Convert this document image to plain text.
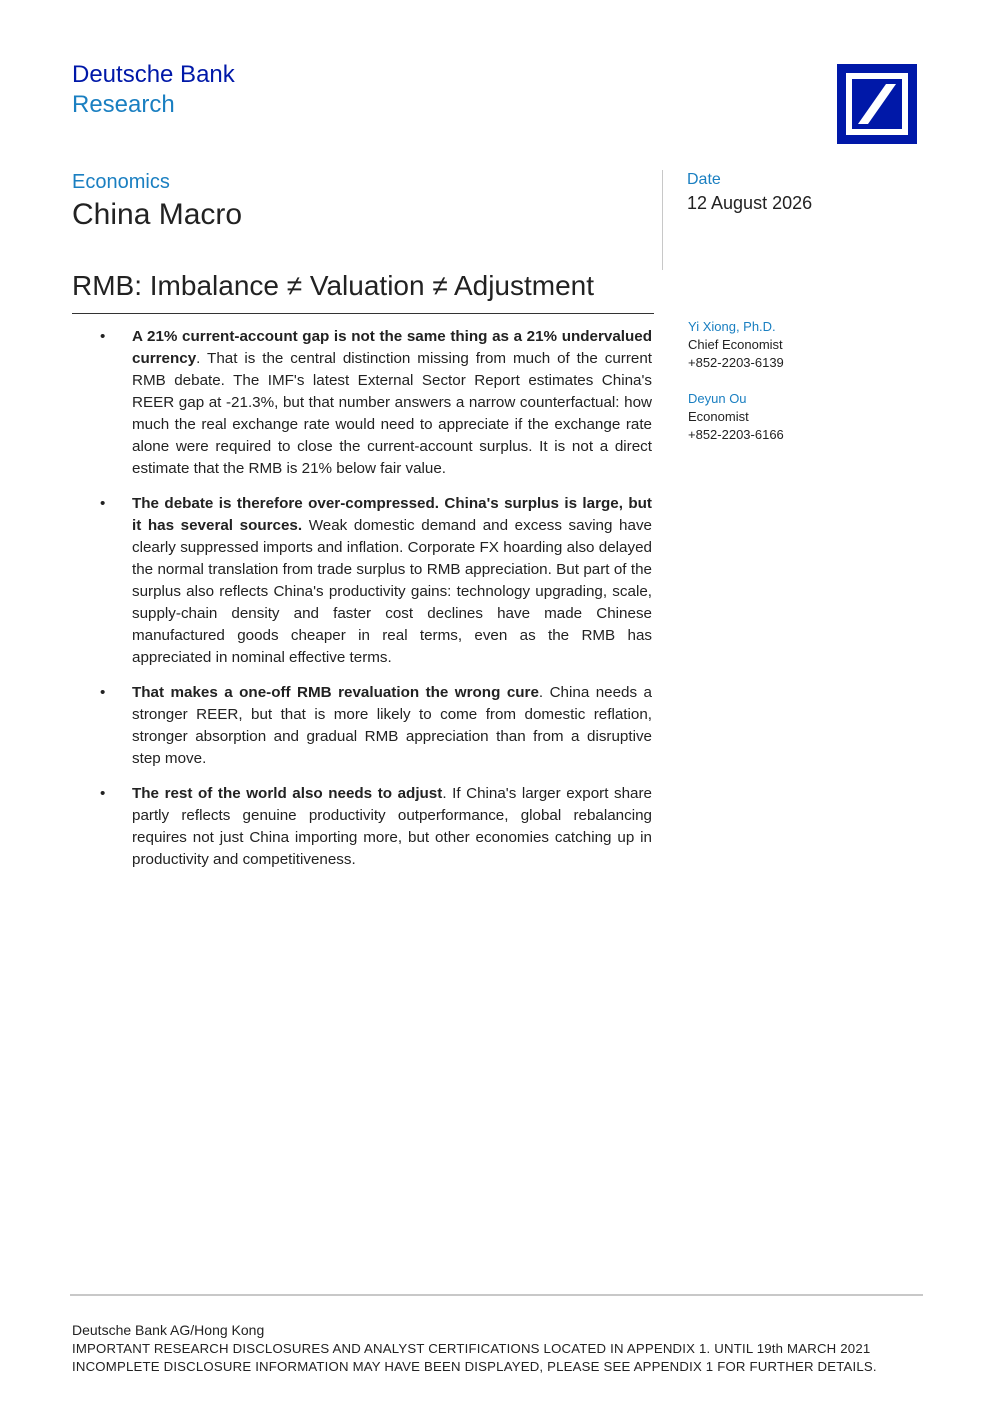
Deutsche Bank
Research
Economics
China Macro
Date
12 August 2026
RMB: Imbalance ≠ Valuation ≠ Adjustment
• A 21% current-account gap is not the same thing as a 21% undervalued currency. That is the central distinction missing from much of the current RMB debate. The IMF's latest External Sector Report estimates China's REER gap at -21.3%, but that number answers a narrow counterfactual: how much the real exchange rate would need to appreciate if the exchange rate alone were required to close the current-account surplus. It is not a direct estimate that the RMB is 21% below fair value.
• The debate is therefore over-compressed. China's surplus is large, but it has several sources. Weak domestic demand and excess saving have clearly suppressed imports and inflation. Corporate FX hoarding also delayed the normal translation from trade surplus to RMB appreciation. But part of the surplus also reflects China's productivity gains: technology upgrading, scale, supply-chain density and faster cost declines have made Chinese manufactured goods cheaper in real terms, even as the RMB has appreciated in nominal effective terms.
• That makes a one-off RMB revaluation the wrong cure. China needs a stronger REER, but that is more likely to come from domestic reflation, stronger absorption and gradual RMB appreciation than from a disruptive step move.
• The rest of the world also needs to adjust. If China's larger export share partly reflects genuine productivity outperformance, global rebalancing requires not just China importing more, but other economies catching up in productivity and competitiveness.
Yi Xiong, Ph.D.
Chief Economist
+852-2203-6139
Deyun Ou
Economist
+852-2203-6166
Deutsche Bank AG/Hong Kong
IMPORTANT RESEARCH DISCLOSURES AND ANALYST CERTIFICATIONS LOCATED IN APPENDIX 1. UNTIL 19th MARCH 2021
INCOMPLETE DISCLOSURE INFORMATION MAY HAVE BEEN DISPLAYED, PLEASE SEE APPENDIX 1 FOR FURTHER DETAILS.
